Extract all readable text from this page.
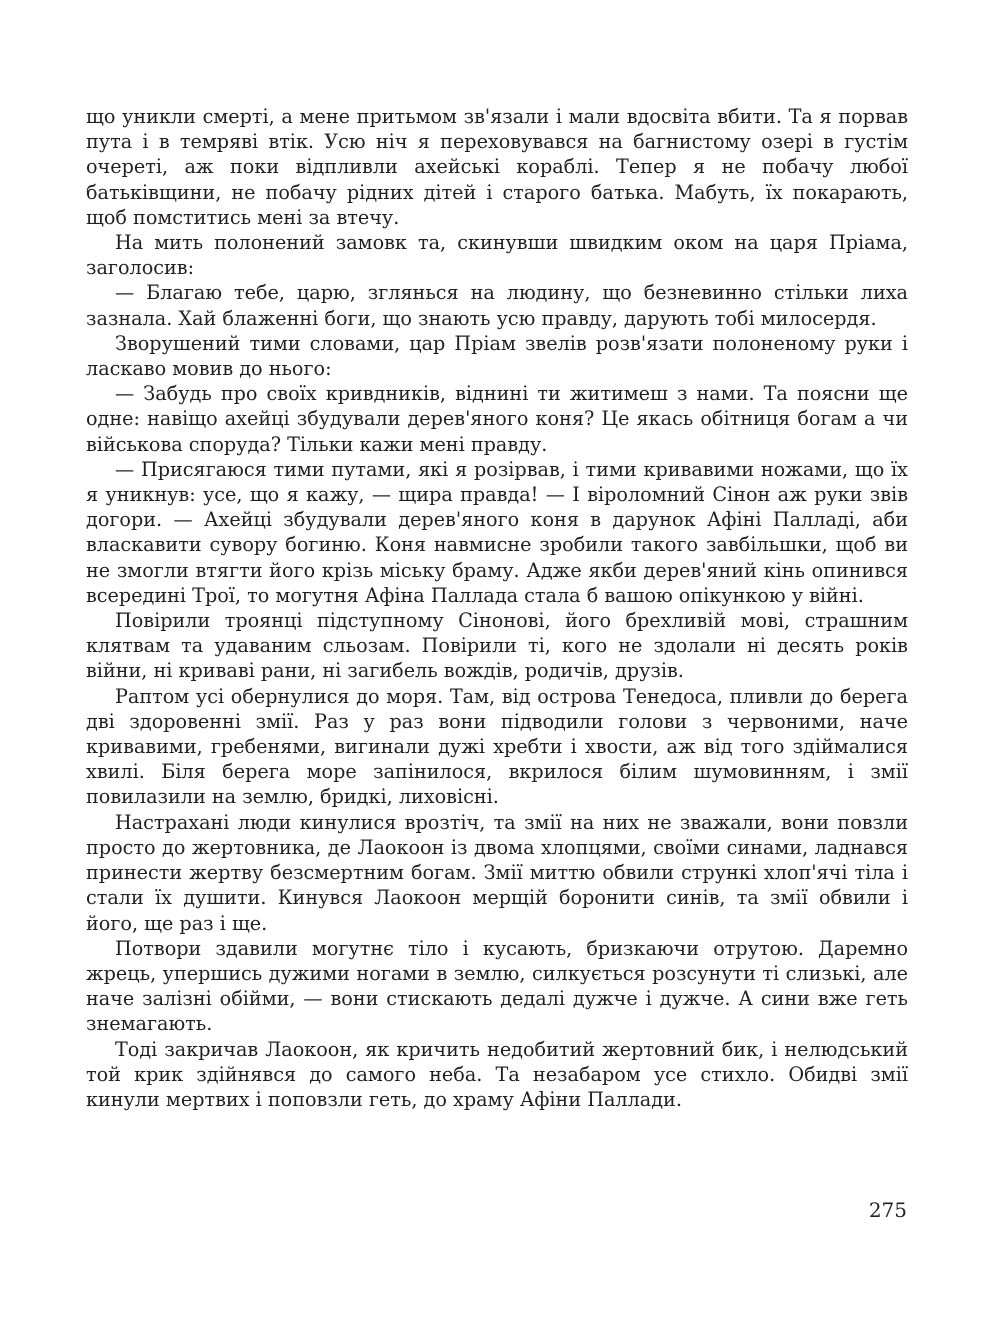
що уникли смерті, а мене притьмом зв'язали і мали вдосвіта вбити. Та я порвав пута і в темряві втік. Усю ніч я переховувався на багнистому озері в густім очереті, аж поки відпливли ахейські кораблі. Тепер я не побачу любої батьківщини, не побачу рідних дітей і старого батька. Мабуть, їх покарають, щоб помститись мені за втечу.

На мить полонений замовк та, скинувши швидким оком на царя Пріама, заголосив:

— Благаю тебе, царю, зглянься на людину, що безневинно стільки лиха зазнала. Хай блаженні боги, що знають усю правду, дарують тобі милосердя.

Зворушений тими словами, цар Пріам звелів розв'язати полоненому руки і ласкаво мовив до нього:

— Забудь про своїх кривдників, віднині ти житимеш з нами. Та поясни ще одне: навіщо ахейці збудували дерев'яного коня? Це якась обітниця богам а чи військова споруда? Тільки кажи мені правду.

— Присягаюся тими путами, які я розірвав, і тими кривавими ножами, що їх я уникнув: усе, що я кажу, — щира правда! — І віроломний Сінон аж руки звів догори. — Ахейці збудували дерев'яного коня в дарунок Афіні Палладі, аби власкавити сувору богиню. Коня навмисне зробили такого завбільшки, щоб ви не змогли втягти його крізь міську браму. Адже якби дерев'яний кінь опинився всередині Трої, то могутня Афіна Паллада стала б вашою опікункою у війні.

Повірили троянці підступному Сінонові, його брехливій мові, страшним клятвам та удаваним сльозам. Повірили ті, кого не здолали ні десять років війни, ні криваві рани, ні загибель вождів, родичів, друзів.

Раптом усі обернулися до моря. Там, від острова Тенедоса, пливли до берега дві здоровенні змії. Раз у раз вони підводили голови з червоними, наче кривавими, гребенями, вигинали дужі хребти і хвости, аж від того здіймалися хвилі. Біля берега море запінилося, вкрилося білим шумовинням, і змії повилазили на землю, бридкі, лиховісні.

Настрахані люди кинулися врозтіч, та змії на них не зважали, вони повзли просто до жертовника, де Лаокоон із двома хлопцями, своїми синами, ладнався принести жертву безсмертним богам. Змії миттю обвили стрункі хлоп'ячі тіла і стали їх душити. Кинувся Лаокоон мерщій боронити синів, та змії обвили і його, ще раз і ще.

Потвори здавили могутнє тіло і кусають, бризкаючи отрутою. Даремно жрець, упершись дужими ногами в землю, силкується розсунути ті слизькі, але наче залізні обійми, — вони стискають дедалі дужче і дужче. А сини вже геть знемагають.

Тоді закричав Лаокоон, як кричить недобитий жертовний бик, і нелюдський той крик здійнявся до самого неба. Та незабаром усе стихло. Обидві змії кинули мертвих і поповзли геть, до храму Афіни Паллади.

275
